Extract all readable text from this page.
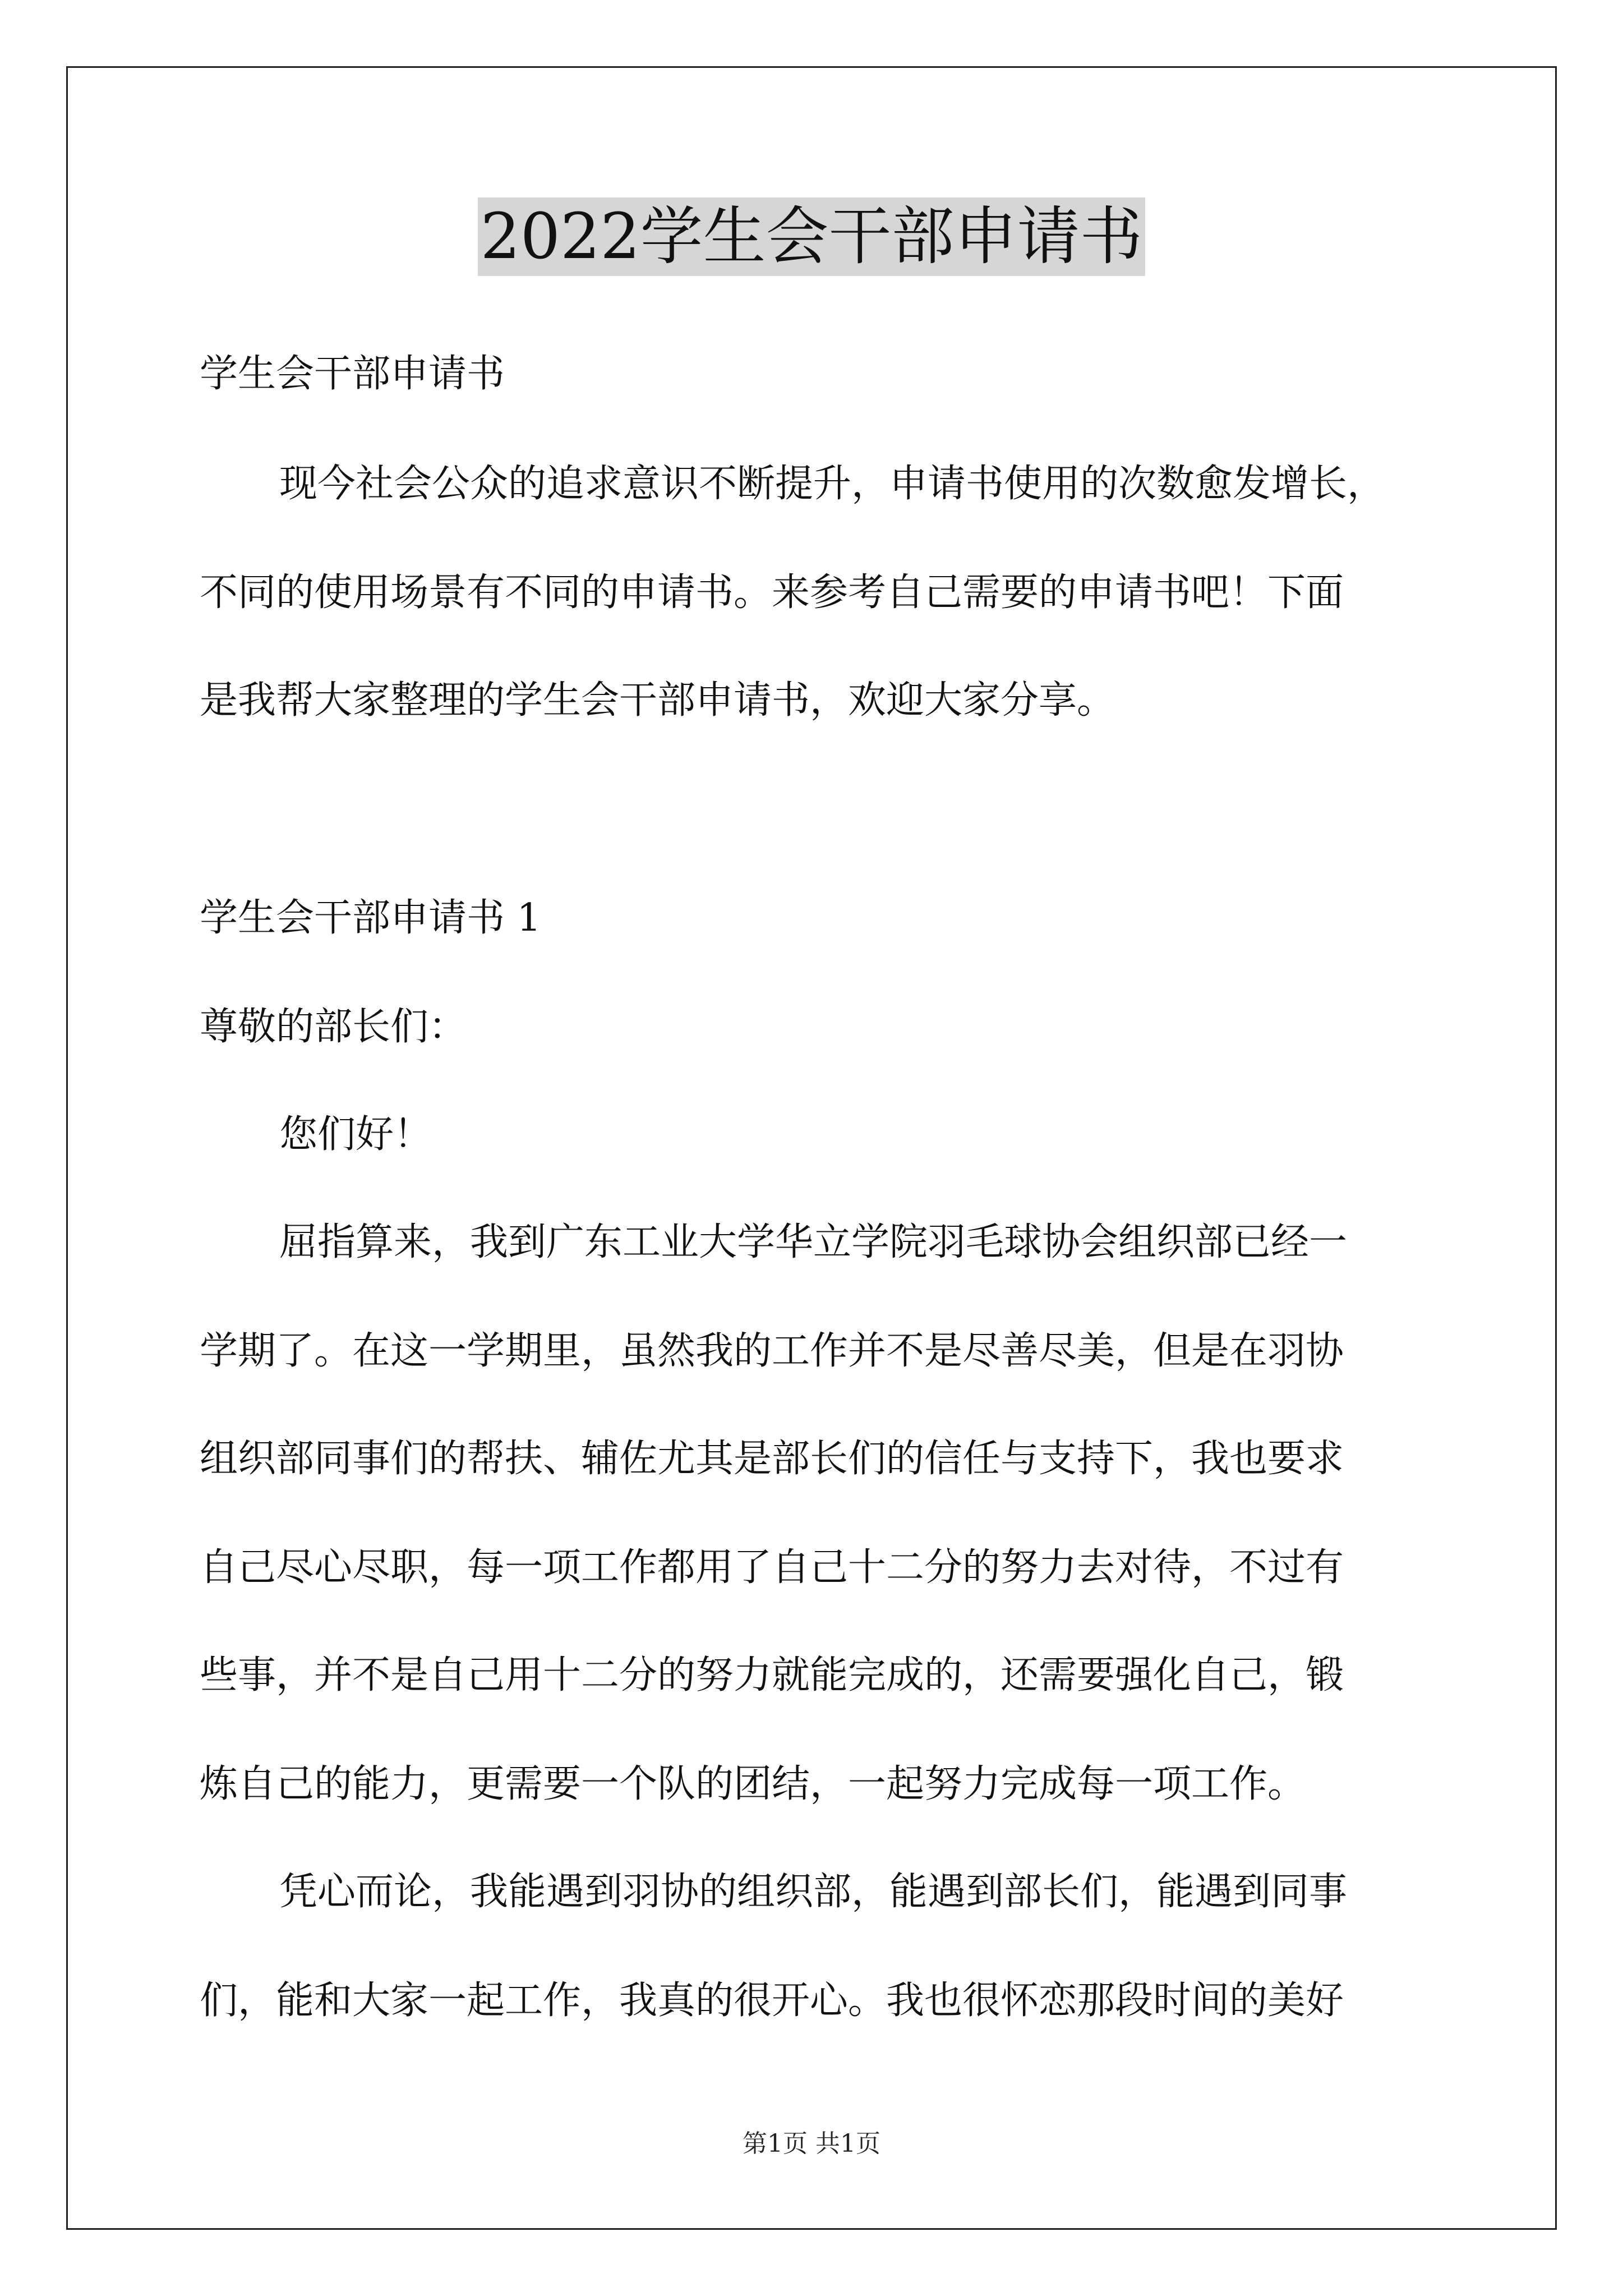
2022学生会干部申请书
学生会干部申请书
现今社会公众的追求意识不断提升，申请书使用的次数愈发增长，
不同的使用场景有不同的申请书。来参考自己需要的申请书吧！下面
是我帮大家整理的学生会干部申请书，欢迎大家分享。
学生会干部申请书 1
尊敬的部长们：
您们好！
屈指算来，我到广东工业大学华立学院羽毛球协会组织部已经一
学期了。在这一学期里，虽然我的工作并不是尽善尽美，但是在羽协
组织部同事们的帮扶、辅佐尤其是部长们的信任与支持下，我也要求
自己尽心尽职，每一项工作都用了自己十二分的努力去对待，不过有
些事，并不是自己用十二分的努力就能完成的，还需要强化自己，锻
炼自己的能力，更需要一个队的团结，一起努力完成每一项工作。
凭心而论，我能遇到羽协的组织部，能遇到部长们，能遇到同事
们，能和大家一起工作，我真的很开心。我也很怀恋那段时间的美好
第1页 共1页
